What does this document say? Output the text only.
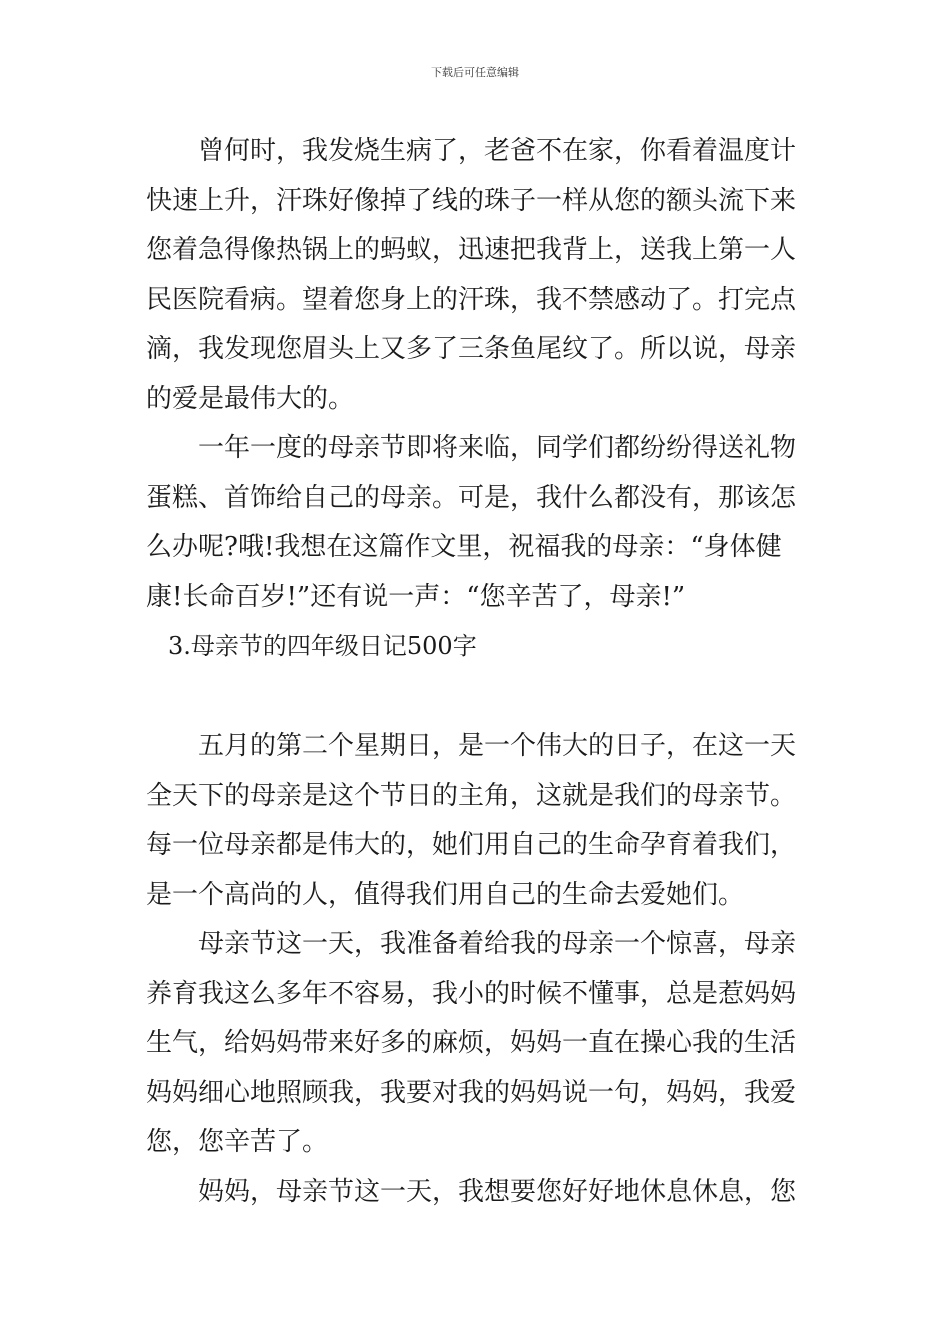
下载后可任意编辑
曾何时，我发烧生病了，老爸不在家，你看着温度计
快速上升，汗珠好像掉了线的珠子一样从您的额头流下来
您着急得像热锅上的蚂蚁，迅速把我背上，送我上第一人
民医院看病。望着您身上的汗珠，我不禁感动了。打完点
滴，我发现您眉头上又多了三条鱼尾纹了。所以说，母亲
的爱是最伟大的。
一年一度的母亲节即将来临，同学们都纷纷得送礼物
蛋糕、首饰给自己的母亲。可是，我什么都没有，那该怎
么办呢?哦!我想在这篇作文里，祝福我的母亲：“身体健
康!长命百岁!”还有说一声：“您辛苦了，母亲!”
3.母亲节的四年级日记500字
五月的第二个星期日，是一个伟大的日子，在这一天
全天下的母亲是这个节日的主角，这就是我们的母亲节。
每一位母亲都是伟大的，她们用自己的生命孕育着我们，
是一个高尚的人，值得我们用自己的生命去爱她们。
母亲节这一天，我准备着给我的母亲一个惊喜，母亲
养育我这么多年不容易，我小的时候不懂事，总是惹妈妈
生气，给妈妈带来好多的麻烦，妈妈一直在操心我的生活
妈妈细心地照顾我，我要对我的妈妈说一句，妈妈，我爱
您，您辛苦了。
妈妈，母亲节这一天，我想要您好好地休息休息，您
